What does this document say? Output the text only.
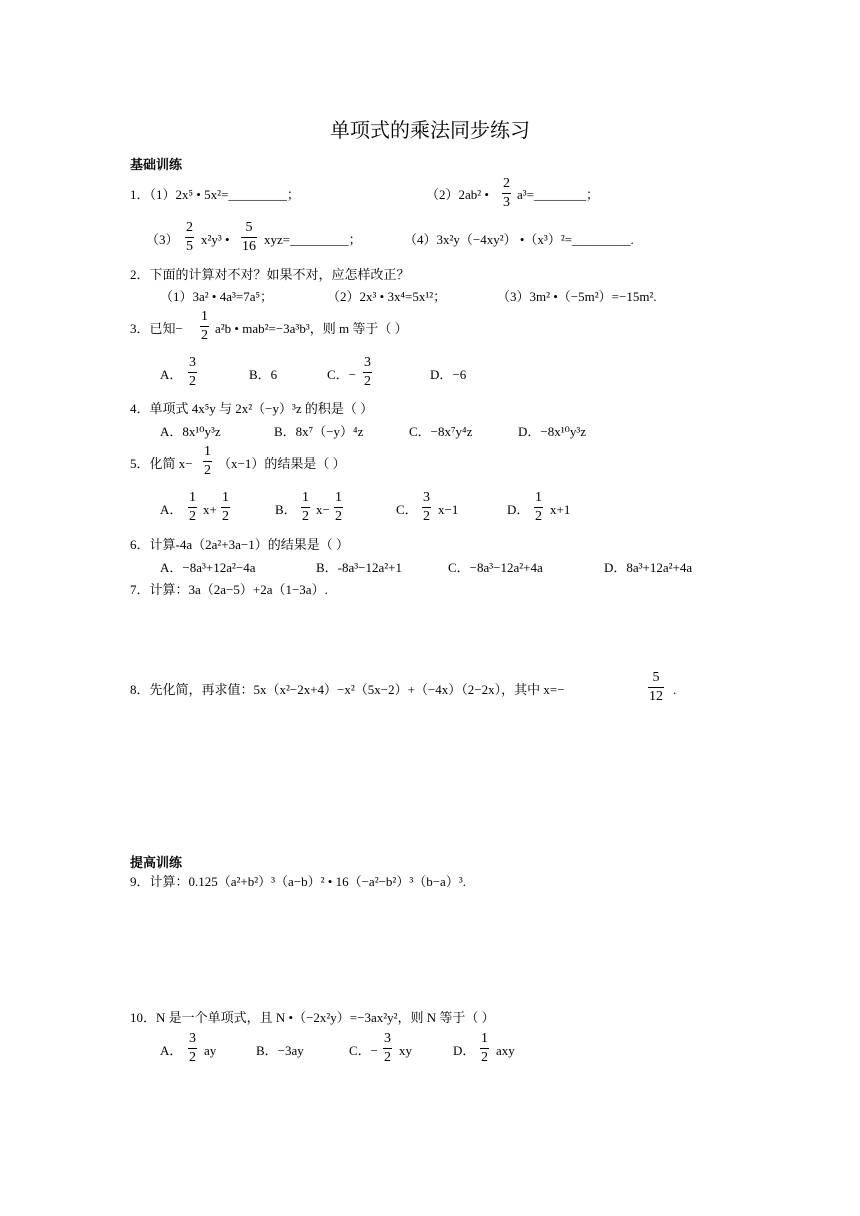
单项式的乘法同步练习
基础训练
1．（1）2x⁵ • 5x²=_________；	（2）2ab² •
2
3
a³=________；
（3）
2
5 x²y³ •
5
16 xyz=_________；	（4）3x²y（−4xy²） •（x³）²=_________.
2．下面的计算对不对？如果不对，应怎样改正？
（1）3a² • 4a³=7a⁵；	（2）2x³ • 3x⁴=5x¹²；	（3）3m² •（−5m²）=−15m².
3．已知−
1
2 a²b • mab²=−3a³b³，则 m 等于（ ）
A．
3
2	B．6	C．−
3
2	D．−6
4．单项式 4x⁵y 与 2x²（−y）³z 的积是（ ）
A．8x¹⁰y³z	B．8x⁷（−y）⁴z	C．−8x⁷y⁴z	D．−8x¹⁰y³z
5．化简 x−
1
2 （x−1）的结果是（ ）
A．
1
2 x+
1
2	B．
1
2 x−
1
2	C．
3
2 x−1	D．
1
2 x+1
6．计算-4a（2a²+3a−1）的结果是（ ）
A．−8a³+12a²−4a	B．-8a³−12a²+1	C．−8a³−12a²+4a	D．8a³+12a²+4a
7．计算：3a（2a−5）+2a（1−3a）.
8．先化简，再求值：5x（x²−2x+4）−x²（5x−2）+（−4x）（2−2x），其中 x=−
5
12 .
提高训练
9．计算：0.125（a²+b²）³（a−b）² • 16（−a²−b²）³（b−a）³.
10．N 是一个单项式，且 N •（−2x²y）=−3ax²y²，则 N 等于（ ）
A．
3
2 ay	B．−3ay	C．−
3
2 xy	D．
1
2 axy
